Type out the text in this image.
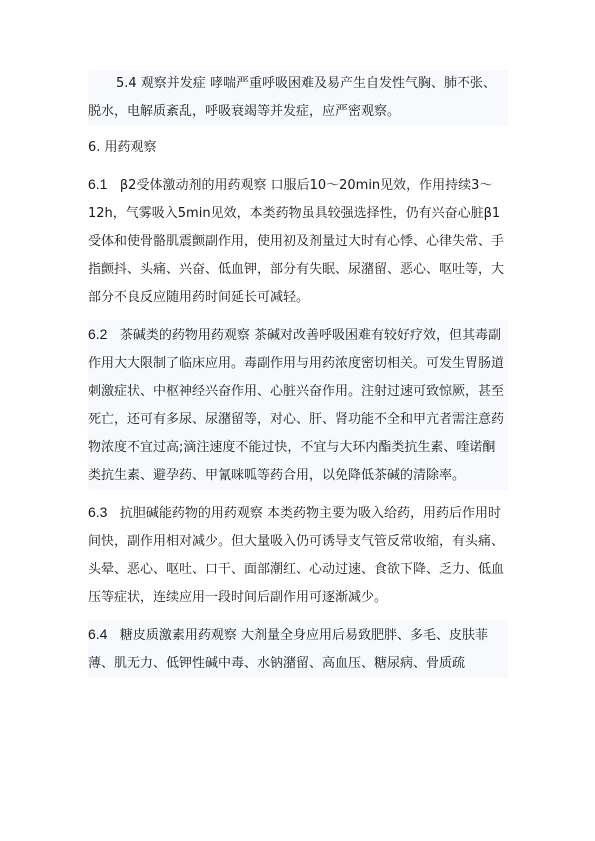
5.4 观察并发症 哮喘严重呼吸困难及易产生自发性气胸、肺不张、脱水，电解质紊乱，呼吸衰竭等并发症，应严密观察。

6. 用药观察

6.1 β2受体激动剂的用药观察 口服后10～20min见效，作用持续3～12h，气雾吸入5min见效，本类药物虽具较强选择性，仍有兴奋心脏β1受体和使骨骼肌震颤副作用，使用初及剂量过大时有心悸、心律失常、手指颤抖、头痛、兴奋、低血钾，部分有失眠、尿潴留、恶心、呕吐等，大部分不良反应随用药时间延长可减轻。

6.2 茶碱类的药物用药观察 茶碱对改善呼吸困难有较好疗效，但其毒副作用大大限制了临床应用。毒副作用与用药浓度密切相关。可发生胃肠道刺激症状、中枢神经兴奋作用、心脏兴奋作用。注射过速可致惊厥，甚至死亡，还可有多尿、尿潴留等，对心、肝、肾功能不全和甲亢者需注意药物浓度不宜过高;滴注速度不能过快，不宜与大环内酯类抗生素、喹诺酮类抗生素、避孕药、甲氰咪呱等药合用，以免降低茶碱的清除率。

6.3 抗胆碱能药物的用药观察 本类药物主要为吸入给药，用药后作用时间快，副作用相对减少。但大量吸入仍可诱导支气管反常收缩，有头痛、头晕、恶心、呕吐、口干、面部潮红、心动过速、食欲下降、乏力、低血压等症状，连续应用一段时间后副作用可逐渐减少。

6.4 糖皮质激素用药观察 大剂量全身应用后易致肥胖、多毛、皮肤菲薄、肌无力、低钾性碱中毒、水钠潴留、高血压、糖尿病、骨质疏
